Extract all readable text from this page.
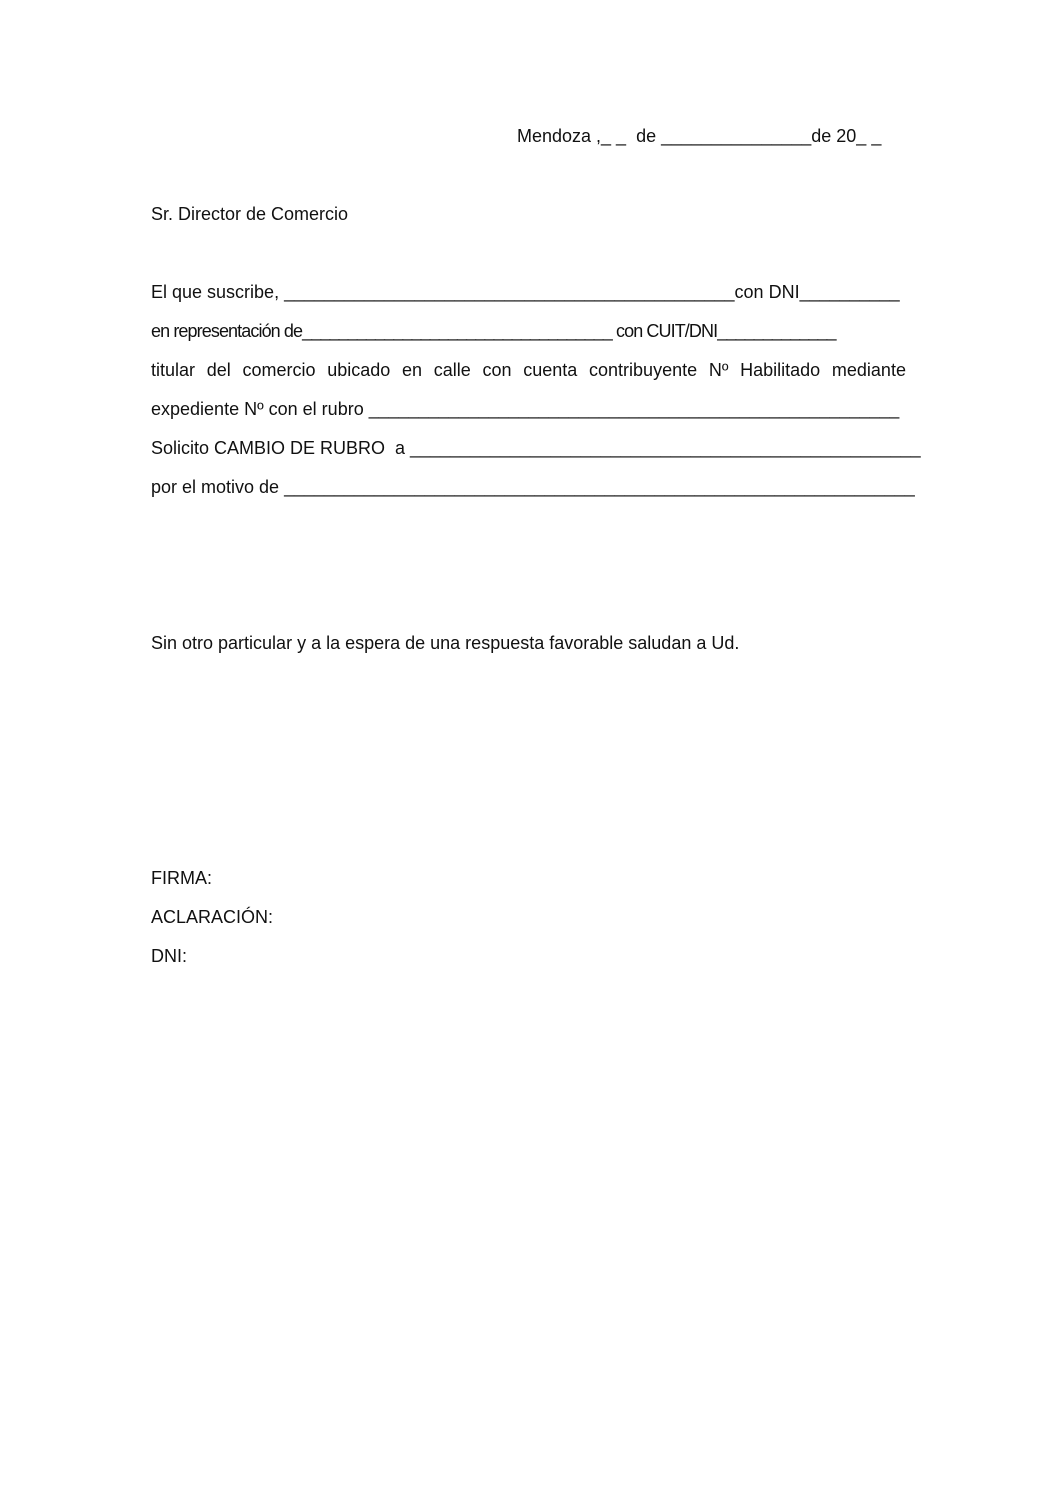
Mendoza ,_ _  de _______________de 20_ _
Sr. Director de Comercio
El que suscribe, _____________________________________________con DNI__________
en representación de__________________________________ con CUIT/DNI_____________
titular del comercio ubicado en calle con cuenta contribuyente Nº Habilitado mediante
expediente Nº con el rubro _____________________________________________________
Solicito CAMBIO DE RUBRO  a ___________________________________________________
por el motivo de _______________________________________________________________
Sin otro particular y a la espera de una respuesta favorable saludan a Ud.
FIRMA:
ACLARACIÓN:
DNI:
